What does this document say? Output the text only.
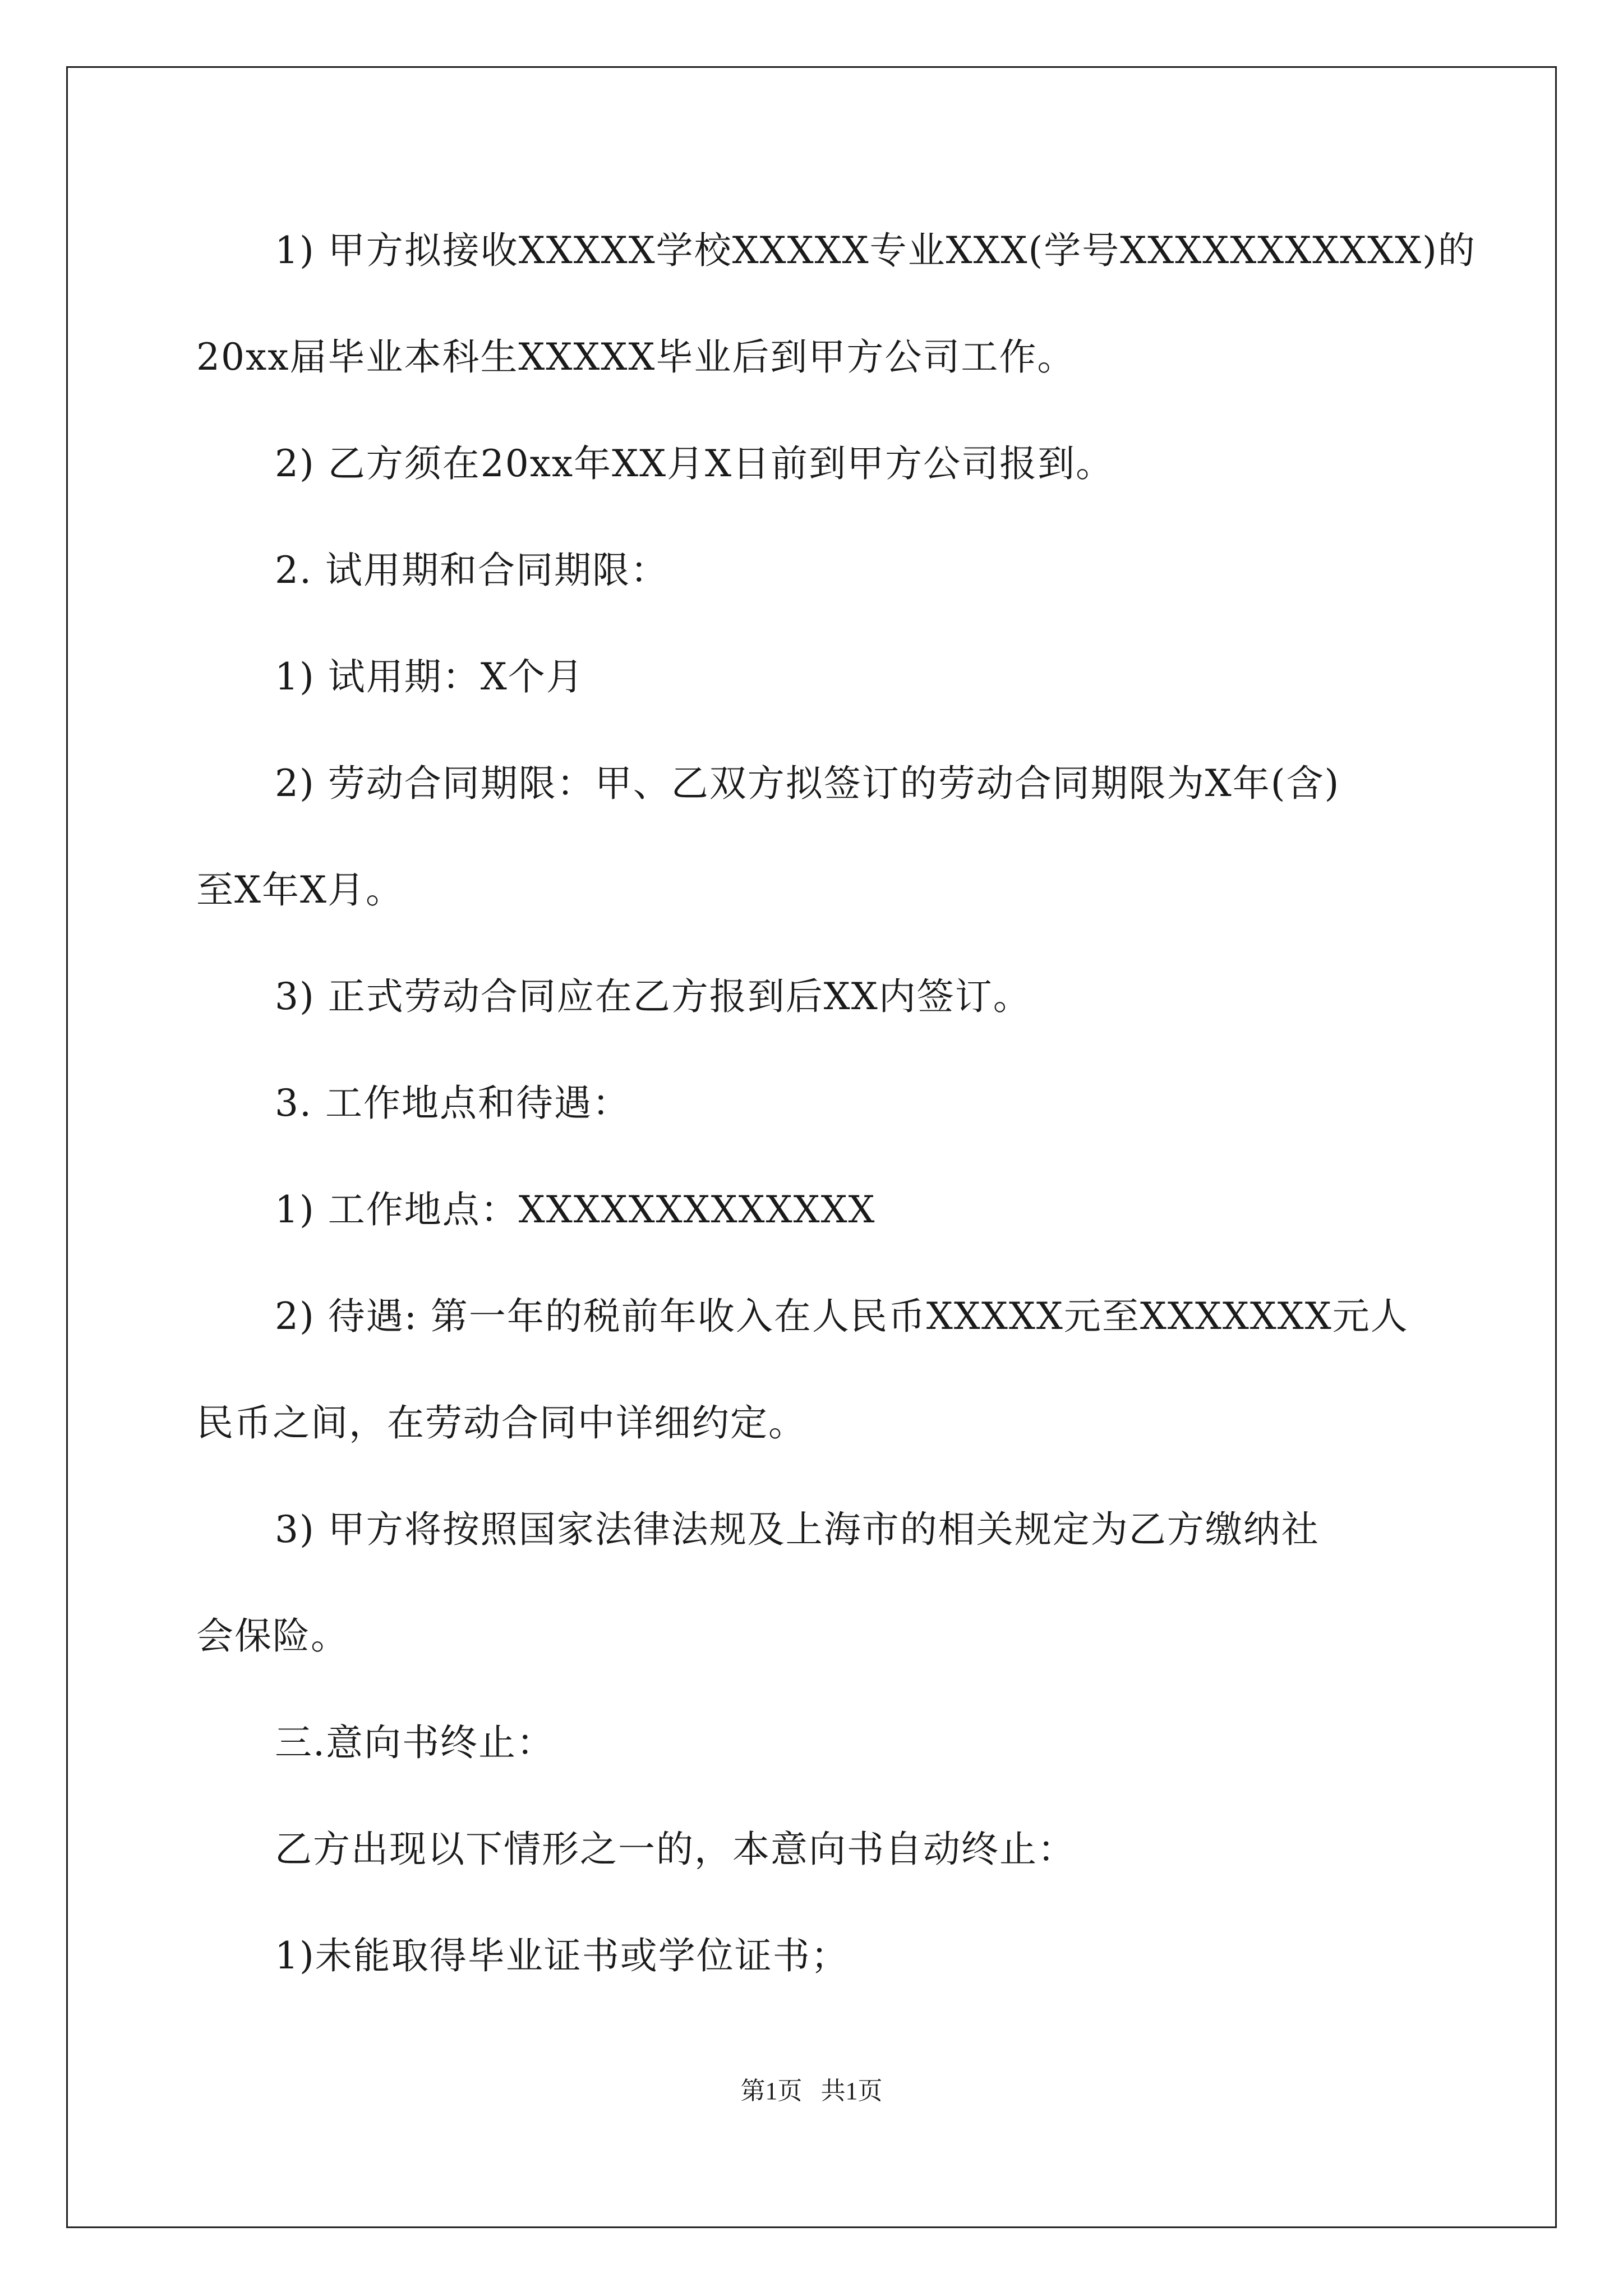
1) 甲方拟接收XXXXX学校XXXXX专业XXX(学号XXXXXXXXXXX)的
20xx届毕业本科生XXXXX毕业后到甲方公司工作。
2) 乙方须在20xx年XX月X日前到甲方公司报到。
2. 试用期和合同期限：
1) 试用期：X个月
2) 劳动合同期限：甲、乙双方拟签订的劳动合同期限为X年(含)
至X年X月。
3) 正式劳动合同应在乙方报到后XX内签订。
3. 工作地点和待遇：
1) 工作地点：XXXXXXXXXXXXX
2) 待遇: 第一年的税前年收入在人民币XXXXX元至XXXXXXX元人
民币之间，在劳动合同中详细约定。
3) 甲方将按照国家法律法规及上海市的相关规定为乙方缴纳社
会保险。
三.意向书终止：
乙方出现以下情形之一的，本意向书自动终止：
1)未能取得毕业证书或学位证书；
第1页   共1页
